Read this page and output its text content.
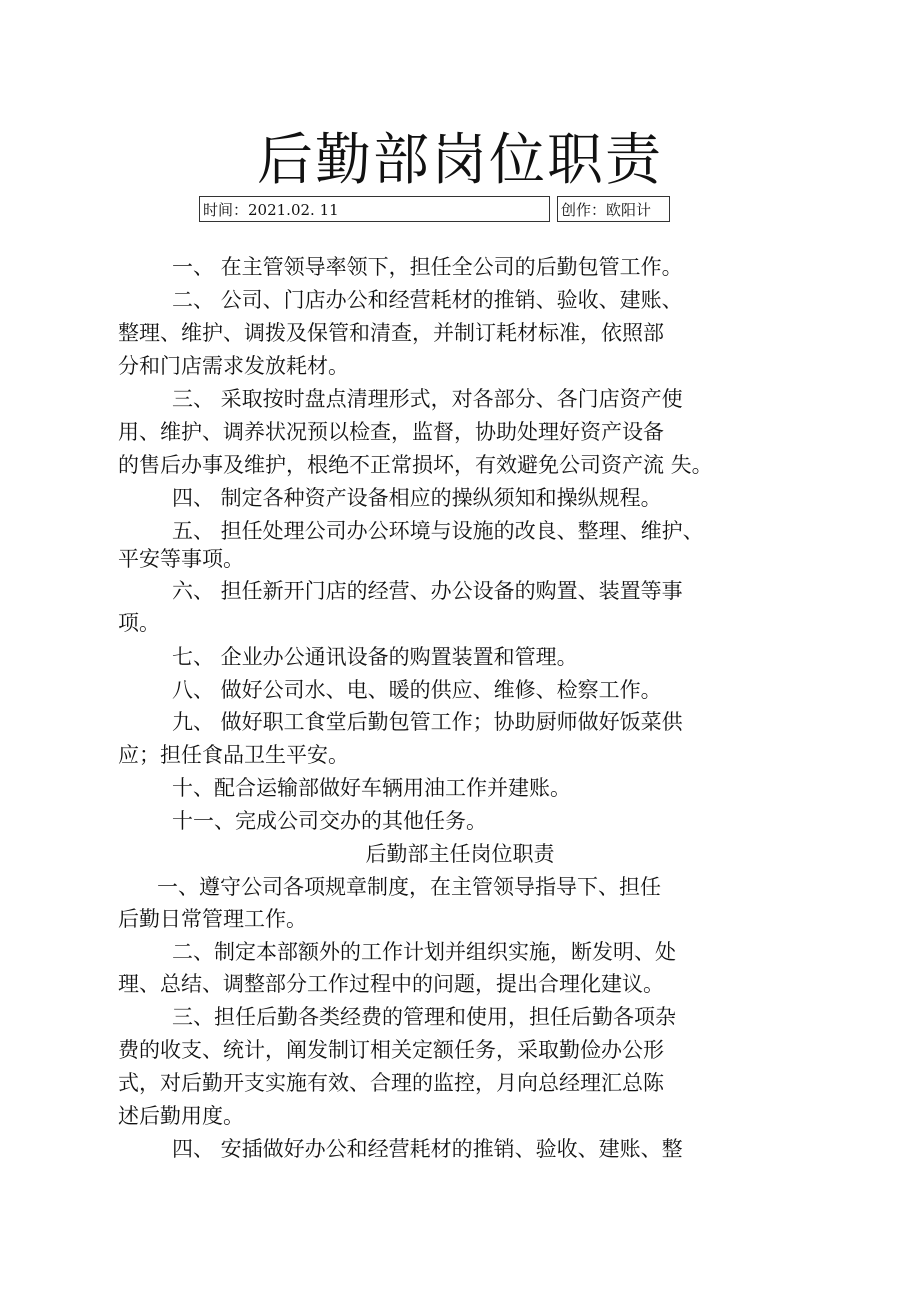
后勤部岗位职责
时间：2021.02. 11	创作：欧阳计
一、 在主管领导率领下，担任全公司的后勤包管工作。
二、 公司、门店办公和经营耗材的推销、验收、建账、
整理、维护、调拨及保管和清查，并制订耗材标准，依照部
分和门店需求发放耗材。
三、 采取按时盘点清理形式，对各部分、各门店资产使
用、维护、调养状况预以检查，监督，协助处理好资产设备
的售后办事及维护，根绝不正常损坏，有效避免公司资产流 失。
四、 制定各种资产设备相应的操纵须知和操纵规程。
五、 担任处理公司办公环境与设施的改良、整理、维护、
平安等事项。
六、 担任新开门店的经营、办公设备的购置、装置等事
项。
七、 企业办公通讯设备的购置装置和管理。
八、 做好公司水、电、暖的供应、维修、检察工作。
九、 做好职工食堂后勤包管工作；协助厨师做好饭菜供
应；担任食品卫生平安。
十、配合运输部做好车辆用油工作并建账。
十一、完成公司交办的其他任务。
后勤部主任岗位职责
一、遵守公司各项规章制度，在主管领导指导下、担任
后勤日常管理工作。
二、制定本部额外的工作计划并组织实施，断发明、处
理、总结、调整部分工作过程中的问题，提出合理化建议。
三、担任后勤各类经费的管理和使用，担任后勤各项杂
费的收支、统计，阐发制订相关定额任务，采取勤俭办公形
式，对后勤开支实施有效、合理的监控，月向总经理汇总陈
述后勤用度。
四、 安插做好办公和经营耗材的推销、验收、建账、整
